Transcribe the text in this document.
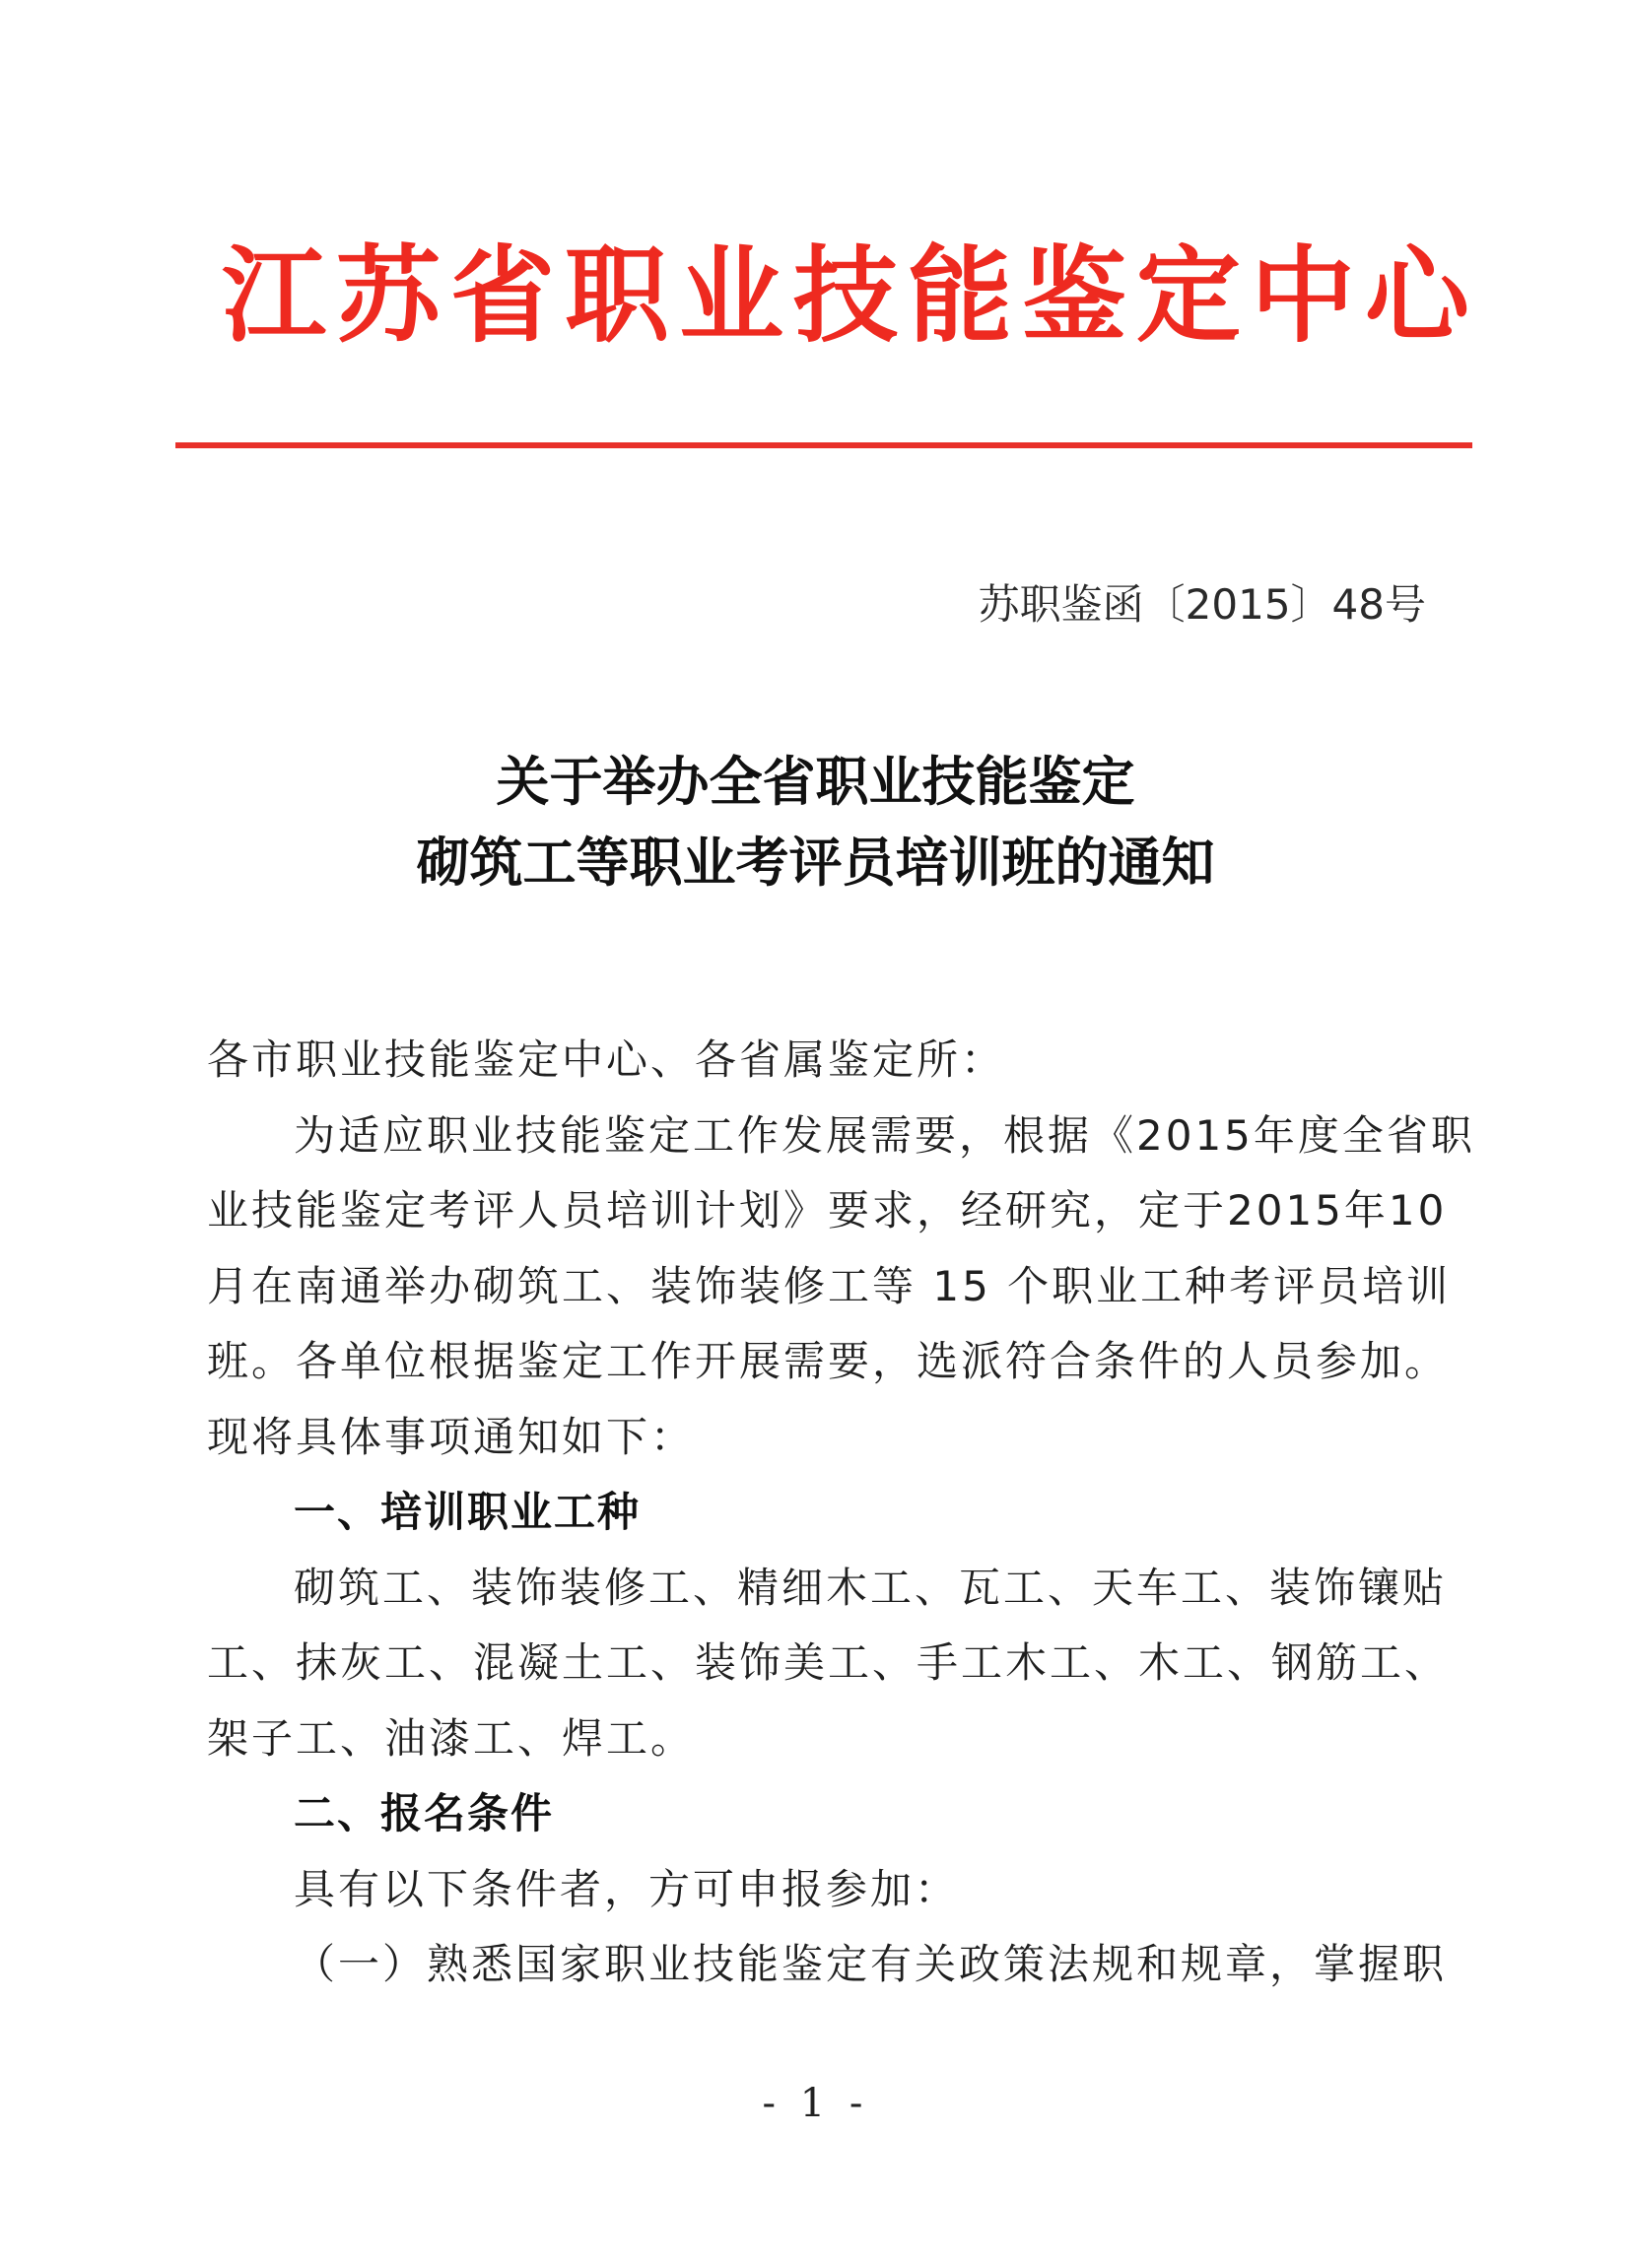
江苏省职业技能鉴定中心
苏职鉴函〔2015〕48号
关于举办全省职业技能鉴定
砌筑工等职业考评员培训班的通知
各市职业技能鉴定中心、各省属鉴定所：
为适应职业技能鉴定工作发展需要，根据《2015年度全省职
业技能鉴定考评人员培训计划》要求，经研究，定于2015年10
月在南通举办砌筑工、装饰装修工等 15 个职业工种考评员培训
班。各单位根据鉴定工作开展需要，选派符合条件的人员参加。
现将具体事项通知如下：
一、培训职业工种
砌筑工、装饰装修工、精细木工、瓦工、天车工、装饰镶贴
工、抹灰工、混凝土工、装饰美工、手工木工、木工、钢筋工、
架子工、油漆工、焊工。
二、报名条件
具有以下条件者，方可申报参加：
（一）熟悉国家职业技能鉴定有关政策法规和规章，掌握职
- 1 -
